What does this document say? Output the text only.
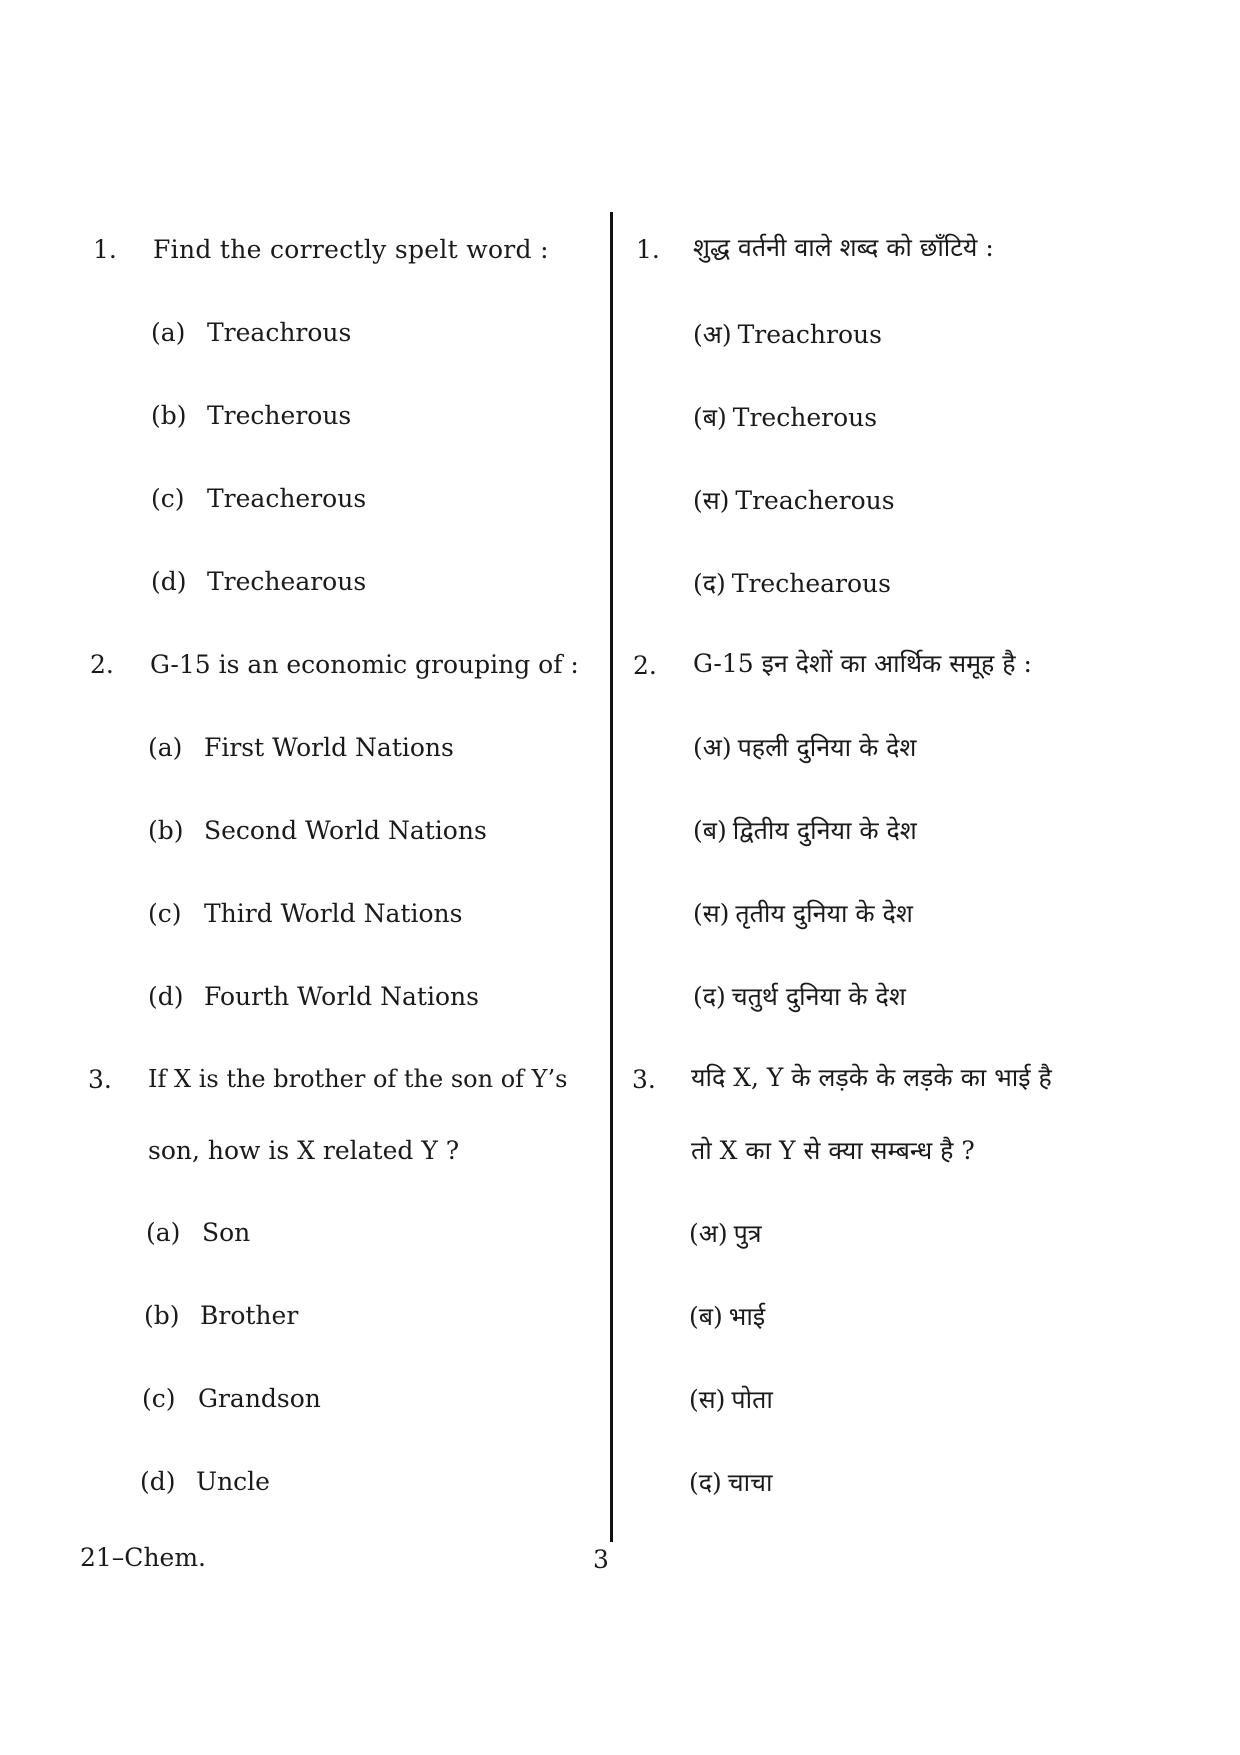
1. Find the correctly spelt word :
(a) Treachrous
(b) Trecherous
(c) Treacherous
(d) Trechearous
2. G-15 is an economic grouping of :
(a) First World Nations
(b) Second World Nations
(c) Third World Nations
(d) Fourth World Nations
3. If X is the brother of the son of Y’s
son, how is X related Y ?
(a) Son
(b) Brother
(c) Grandson
(d) Uncle
1. शुद्ध वर्तनी वाले शब्द को छाँटिये :
(अ) Treachrous
(ब) Trecherous
(स) Treacherous
(द) Trechearous
2. G-15 इन देशों का आर्थिक समूह है :
(अ) पहली दुनिया के देश
(ब) द्वितीय दुनिया के देश
(स) तृतीय दुनिया के देश
(द) चतुर्थ दुनिया के देश
3. यदि X, Y के लड़के के लड़के का भाई है
तो X का Y से क्या सम्बन्ध है ?
(अ) पुत्र
(ब) भाई
(स) पोता
(द) चाचा
21–Chem.	3
